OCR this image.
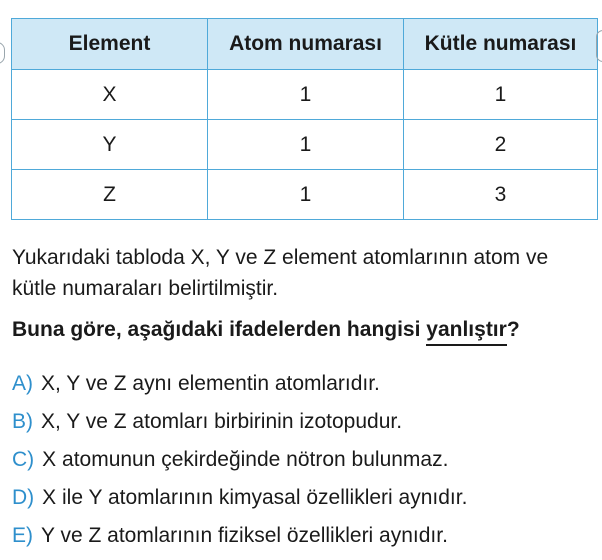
Element	Atom numarası	Kütle numarası
X	1	1
Y	1	2
Z	1	3
Yukarıdaki tabloda X, Y ve Z element atomlarının atom ve
kütle numaraları belirtilmiştir.
Buna göre, aşağıdaki ifadelerden hangisi yanlıştır?
A) X, Y ve Z aynı elementin atomlarıdır.
B) X, Y ve Z atomları birbirinin izotopudur.
C) X atomunun çekirdeğinde nötron bulunmaz.
D) X ile Y atomlarının kimyasal özellikleri aynıdır.
E) Y ve Z atomlarının fiziksel özellikleri aynıdır.
